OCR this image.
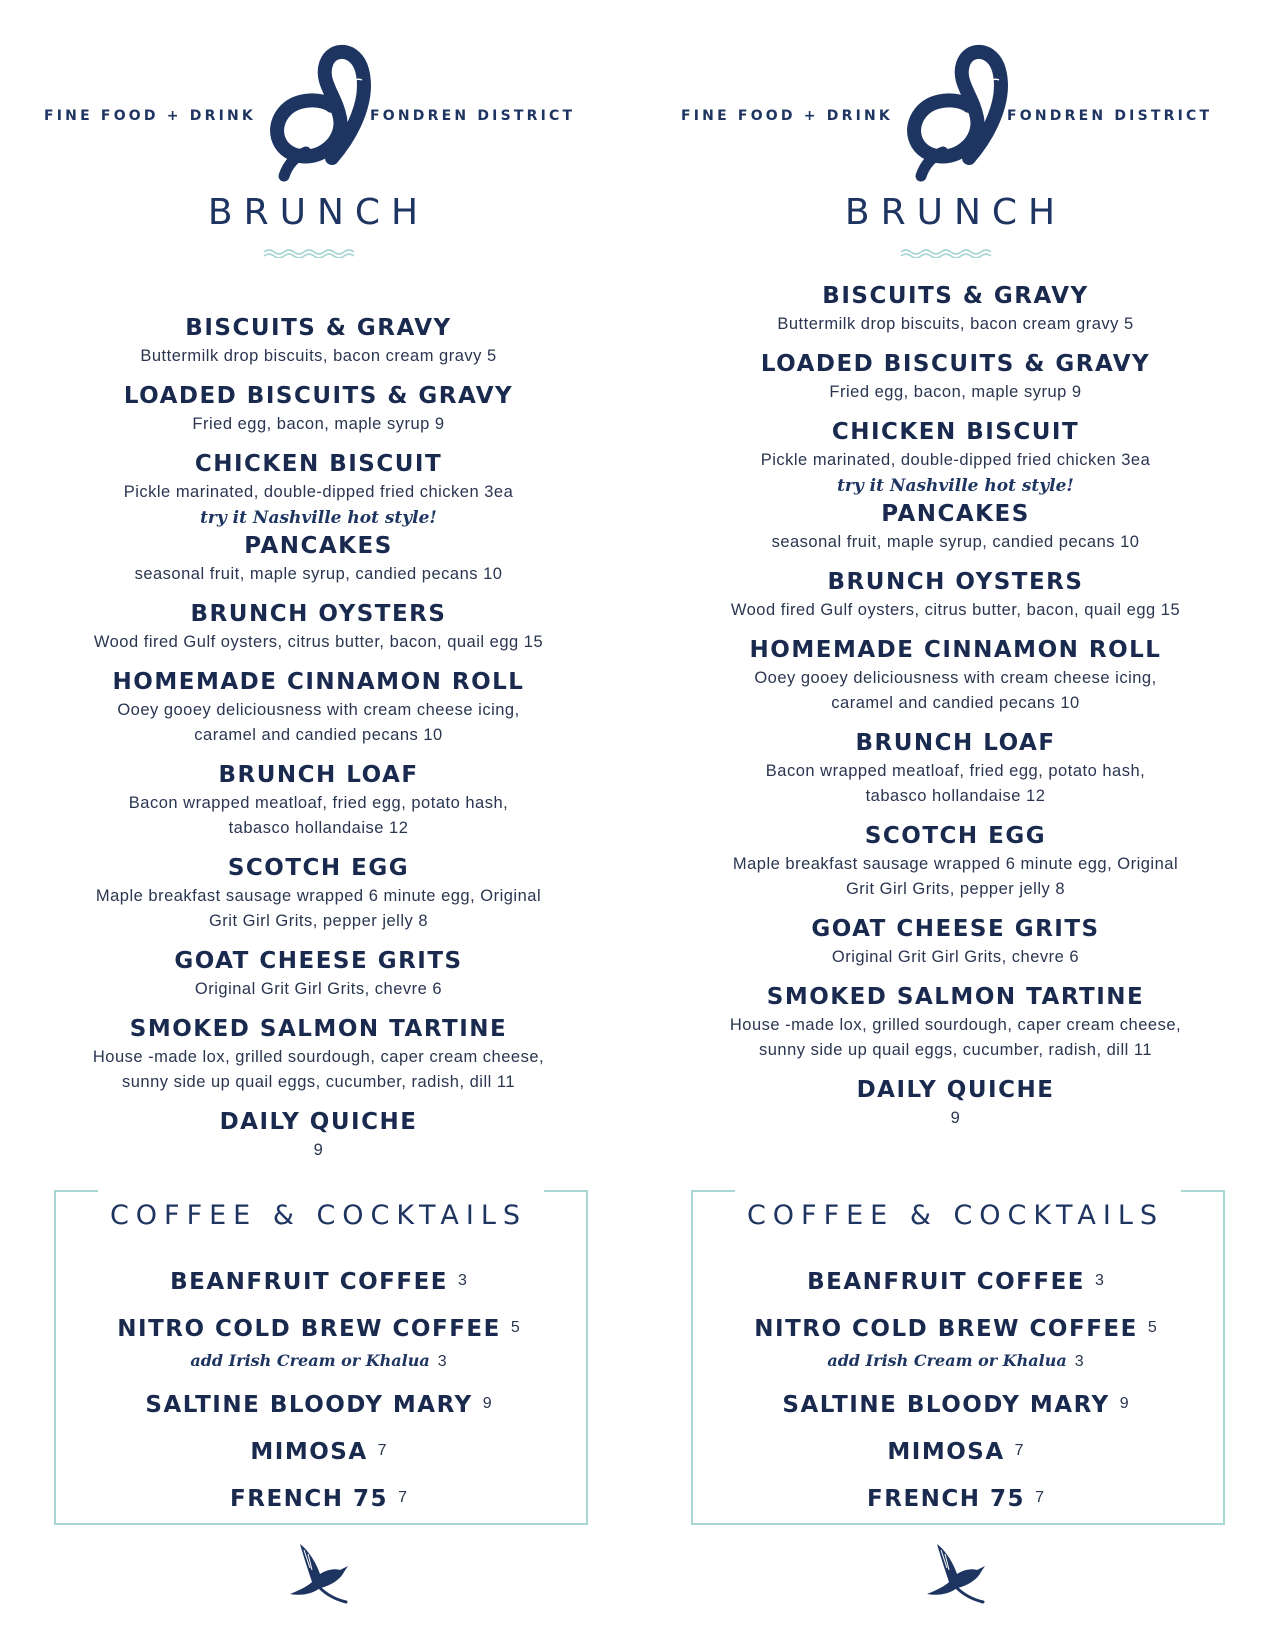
FINE FOOD + DRINK	FONDREN DISTRICT
BRUNCH
BISCUITS & GRAVY
Buttermilk drop biscuits, bacon cream gravy 5
LOADED BISCUITS & GRAVY
Fried egg, bacon, maple syrup 9
CHICKEN BISCUIT
Pickle marinated, double-dipped fried chicken 3ea
try it Nashville hot style!
PANCAKES
seasonal fruit, maple syrup, candied pecans 10
BRUNCH OYSTERS
Wood fired Gulf oysters, citrus butter, bacon, quail egg 15
HOMEMADE CINNAMON ROLL
Ooey gooey deliciousness with cream cheese icing,
caramel and candied pecans 10
BRUNCH LOAF
Bacon wrapped meatloaf, fried egg, potato hash,
tabasco hollandaise 12
SCOTCH EGG
Maple breakfast sausage wrapped 6 minute egg, Original
Grit Girl Grits, pepper jelly 8
GOAT CHEESE GRITS
Original Grit Girl Grits, chevre 6
SMOKED SALMON TARTINE
House -made lox, grilled sourdough, caper cream cheese,
sunny side up quail eggs, cucumber, radish, dill 11
DAILY QUICHE
9
COFFEE & COCKTAILS
BEANFRUIT COFFEE 3
NITRO COLD BREW COFFEE 5
add Irish Cream or Khalua 3
SALTINE BLOODY MARY 9
MIMOSA 7
FRENCH 75 7
FINE FOOD + DRINK	FONDREN DISTRICT
BRUNCH
BISCUITS & GRAVY
Buttermilk drop biscuits, bacon cream gravy 5
LOADED BISCUITS & GRAVY
Fried egg, bacon, maple syrup 9
CHICKEN BISCUIT
Pickle marinated, double-dipped fried chicken 3ea
try it Nashville hot style!
PANCAKES
seasonal fruit, maple syrup, candied pecans 10
BRUNCH OYSTERS
Wood fired Gulf oysters, citrus butter, bacon, quail egg 15
HOMEMADE CINNAMON ROLL
Ooey gooey deliciousness with cream cheese icing,
caramel and candied pecans 10
BRUNCH LOAF
Bacon wrapped meatloaf, fried egg, potato hash,
tabasco hollandaise 12
SCOTCH EGG
Maple breakfast sausage wrapped 6 minute egg, Original
Grit Girl Grits, pepper jelly 8
GOAT CHEESE GRITS
Original Grit Girl Grits, chevre 6
SMOKED SALMON TARTINE
House -made lox, grilled sourdough, caper cream cheese,
sunny side up quail eggs, cucumber, radish, dill 11
DAILY QUICHE
9
COFFEE & COCKTAILS
BEANFRUIT COFFEE 3
NITRO COLD BREW COFFEE 5
add Irish Cream or Khalua 3
SALTINE BLOODY MARY 9
MIMOSA 7
FRENCH 75 7
